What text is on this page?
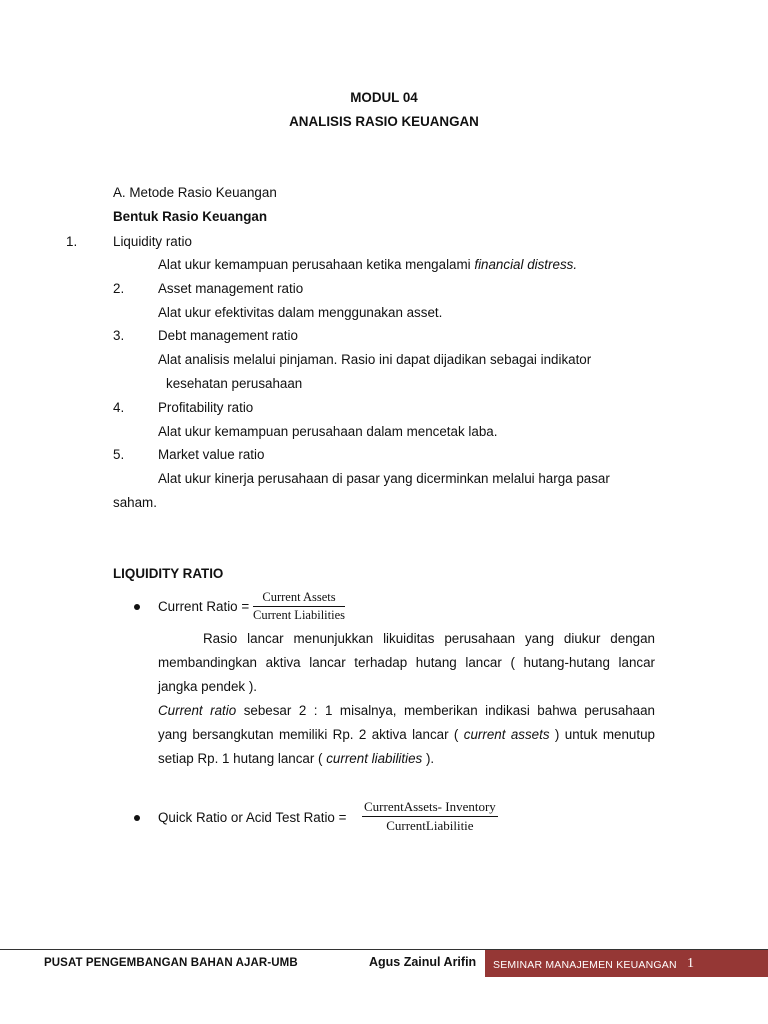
MODUL 04
ANALISIS RASIO KEUANGAN
A. Metode Rasio Keuangan
Bentuk Rasio Keuangan
1.	Liquidity ratio
Alat ukur kemampuan perusahaan ketika mengalami financial distress.
2.	Asset management ratio
Alat ukur efektivitas dalam menggunakan asset.
3.	Debt management ratio
Alat analisis melalui pinjaman. Rasio ini dapat dijadikan sebagai indikator
kesehatan perusahaan
4.	Profitability ratio
Alat ukur kemampuan perusahaan dalam mencetak laba.
5.	Market value ratio
Alat ukur kinerja perusahaan di pasar yang dicerminkan melalui harga pasar
saham.
LIQUIDITY RATIO
Current Ratio =
Current Assets
Current Liabilities
Rasio lancar menunjukkan likuiditas perusahaan yang diukur dengan
membandingkan aktiva lancar terhadap hutang lancar ( hutang-hutang lancar
jangka pendek ).
Current ratio sebesar 2 : 1 misalnya, memberikan indikasi bahwa perusahaan
yang bersangkutan memiliki Rp. 2 aktiva lancar ( current assets ) untuk menutup
setiap Rp. 1 hutang lancar ( current liabilities ).
Quick Ratio or Acid Test Ratio =
CurrentAssets- Inventory
CurrentLiabilitie
PUSAT PENGEMBANGAN BAHAN AJAR-UMB	Agus Zainul Arifin SEMINAR MANAJEMEN KEUANGAN 1
